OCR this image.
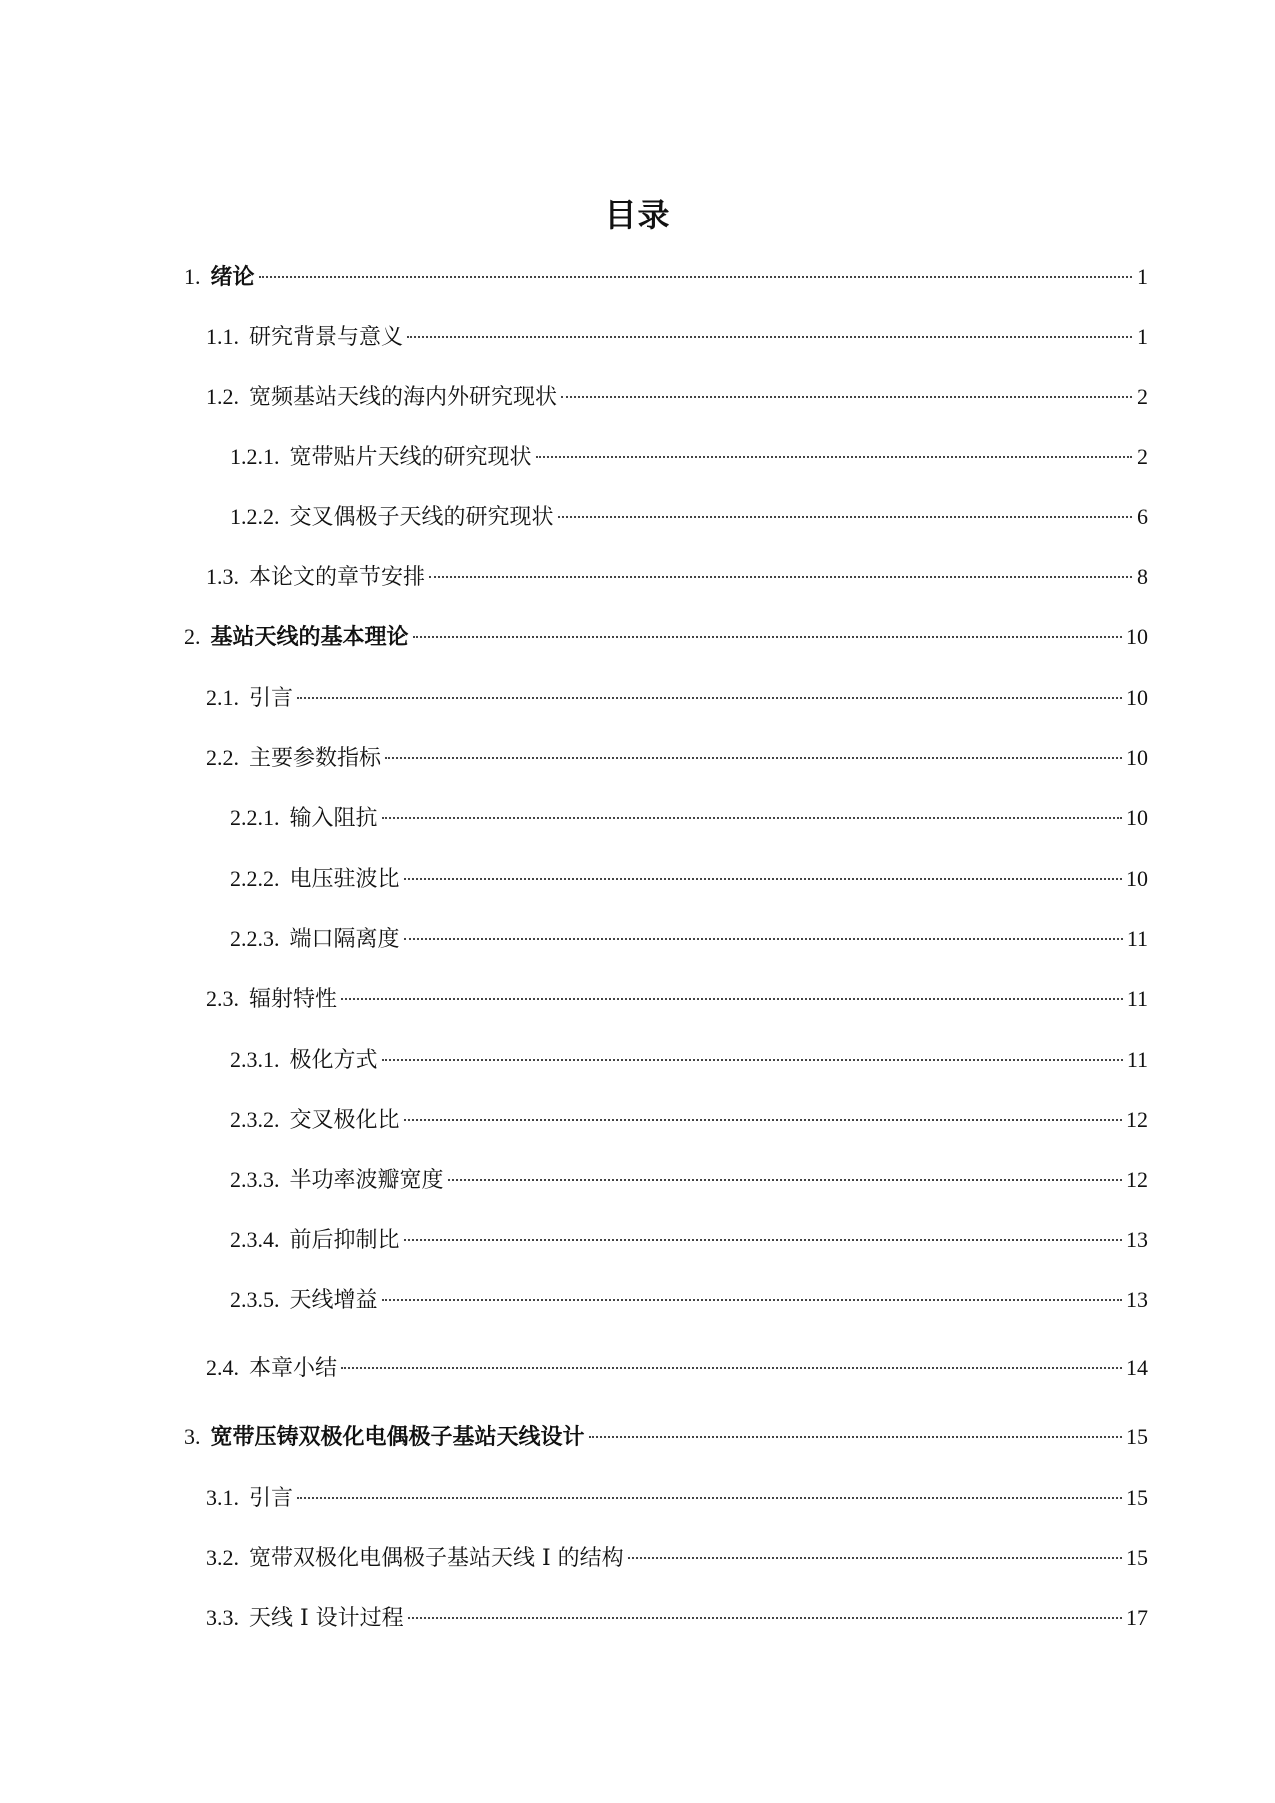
目录
1. 绪论	1
1.1. 研究背景与意义	1
1.2. 宽频基站天线的海内外研究现状	2
1.2.1. 宽带贴片天线的研究现状	2
1.2.2. 交叉偶极子天线的研究现状	6
1.3. 本论文的章节安排	8
2. 基站天线的基本理论	10
2.1. 引言	10
2.2. 主要参数指标	10
2.2.1. 输入阻抗	10
2.2.2. 电压驻波比	10
2.2.3. 端口隔离度	11
2.3. 辐射特性	11
2.3.1. 极化方式	11
2.3.2. 交叉极化比	12
2.3.3. 半功率波瓣宽度	12
2.3.4. 前后抑制比	13
2.3.5. 天线增益	13
2.4. 本章小结	14
3. 宽带压铸双极化电偶极子基站天线设计	15
3.1. 引言	15
3.2. 宽带双极化电偶极子基站天线 I 的结构	15
3.3. 天线 I 设计过程	17
